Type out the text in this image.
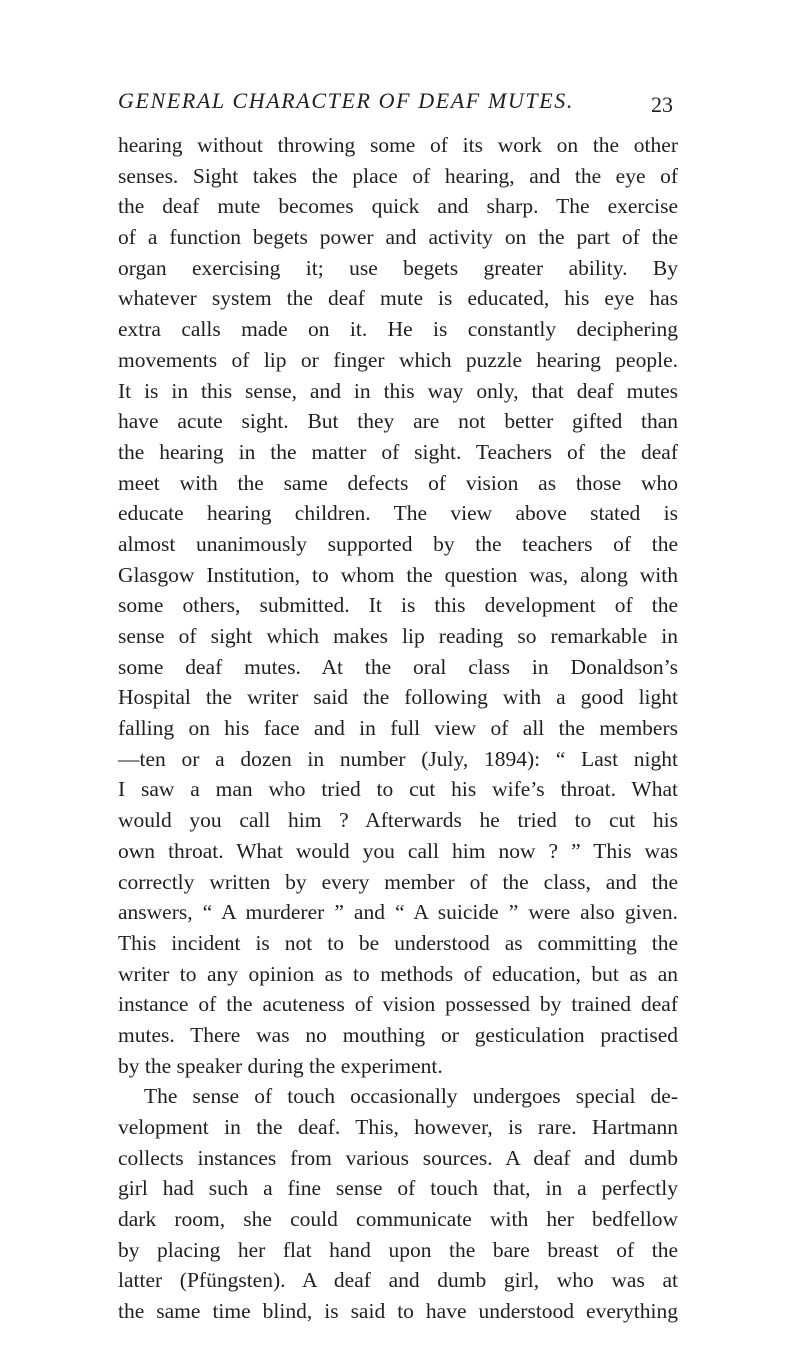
GENERAL CHARACTER OF DEAF MUTES.	23
hearing without throwing some of its work on the other
senses. Sight takes the place of hearing, and the eye of
the deaf mute becomes quick and sharp. The exercise
of a function begets power and activity on the part of the
organ exercising it; use begets greater ability. By
whatever system the deaf mute is educated, his eye has
extra calls made on it. He is constantly deciphering
movements of lip or finger which puzzle hearing people.
It is in this sense, and in this way only, that deaf mutes
have acute sight. But they are not better gifted than
the hearing in the matter of sight. Teachers of the deaf
meet with the same defects of vision as those who
educate hearing children. The view above stated is
almost unanimously supported by the teachers of the
Glasgow Institution, to whom the question was, along with
some others, submitted. It is this development of the
sense of sight which makes lip reading so remarkable in
some deaf mutes. At the oral class in Donaldson’s
Hospital the writer said the following with a good light
falling on his face and in full view of all the members
—ten or a dozen in number (July, 1894): “ Last night
I saw a man who tried to cut his wife’s throat. What
would you call him ? Afterwards he tried to cut his
own throat. What would you call him now ? ” This was
correctly written by every member of the class, and the
answers, “ A murderer ” and “ A suicide ” were also given.
This incident is not to be understood as committing the
writer to any opinion as to methods of education, but as an
instance of the acuteness of vision possessed by trained deaf
mutes. There was no mouthing or gesticulation practised
by the speaker during the experiment.
The sense of touch occasionally undergoes special de-
velopment in the deaf. This, however, is rare. Hartmann
collects instances from various sources. A deaf and dumb
girl had such a fine sense of touch that, in a perfectly
dark room, she could communicate with her bedfellow
by placing her flat hand upon the bare breast of the
latter (Pfüngsten). A deaf and dumb girl, who was at
the same time blind, is said to have understood everything
